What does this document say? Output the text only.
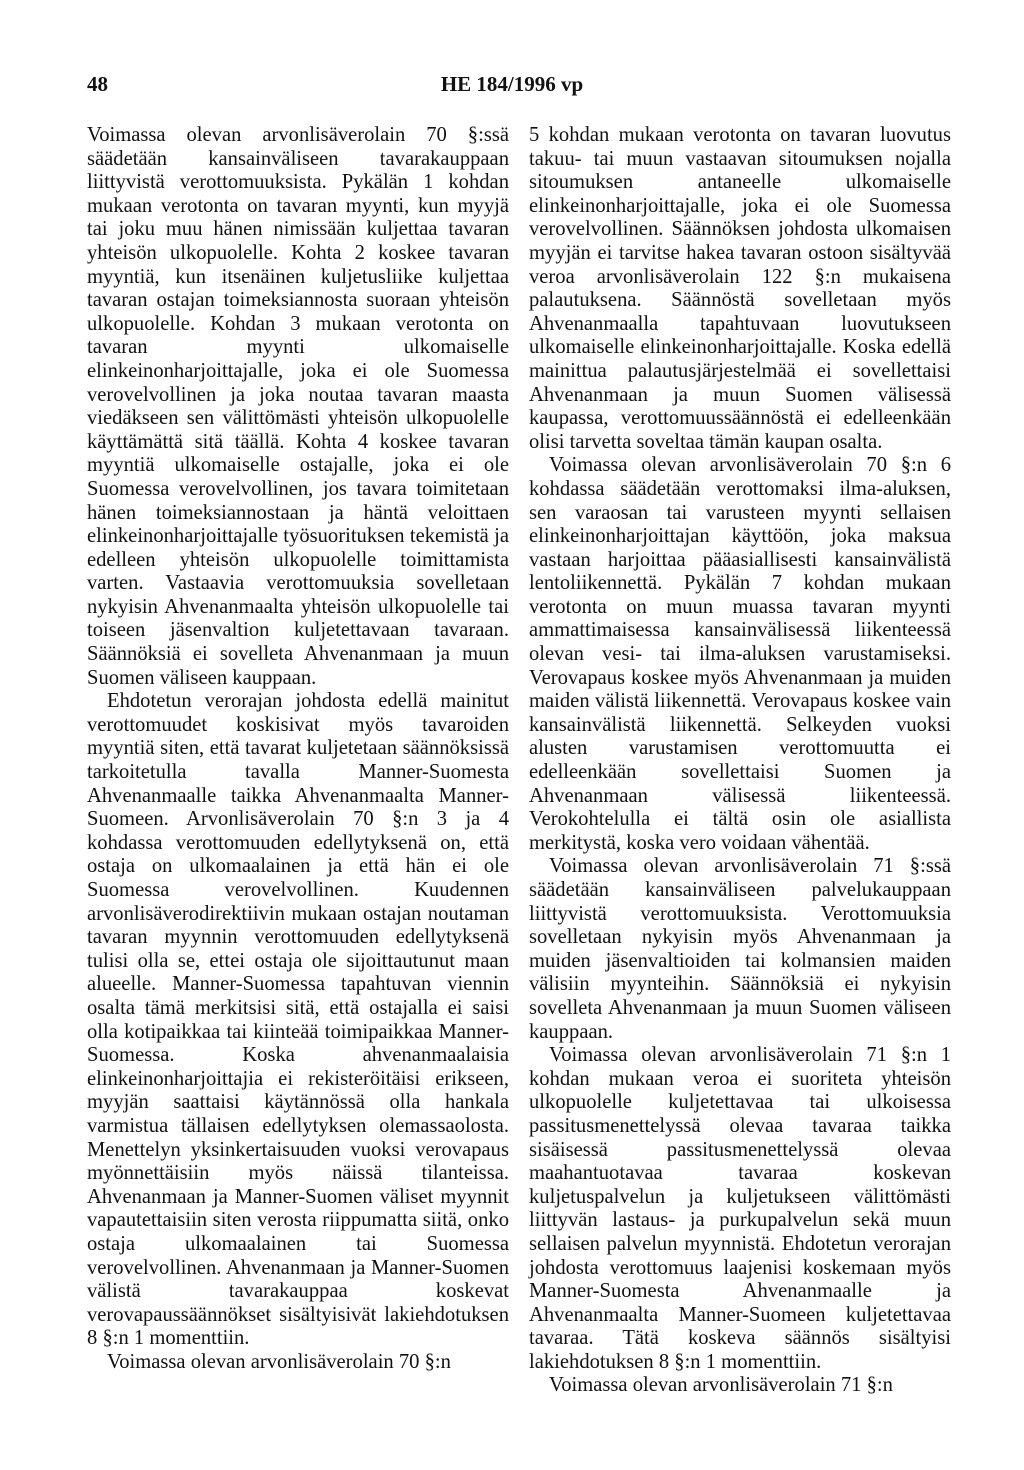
48	HE 184/1996 vp

Voimassa olevan arvonlisäverolain 70 §:ssä säädetään kansainväliseen tavarakauppaan liittyvistä verottomuuksista. Pykälän 1 kohdan mukaan verotonta on tavaran myynti, kun myyjä tai joku muu hänen nimissään kuljettaa tavaran yhteisön ulkopuolelle. Kohta 2 koskee tavaran myyntiä, kun itsenäinen kuljetusliike kuljettaa tavaran ostajan toimeksiannosta suoraan yhteisön ulkopuolelle. Kohdan 3 mukaan verotonta on tavaran myynti ulkomaiselle elinkeinonharjoittajalle, joka ei ole Suomessa verovelvollinen ja joka noutaa tavaran maasta viedäkseen sen välittömästi yhteisön ulkopuolelle käyttämättä sitä täällä. Kohta 4 koskee tavaran myyntiä ulkomaiselle ostajalle, joka ei ole Suomessa verovelvollinen, jos tavara toimitetaan hänen toimeksiannostaan ja häntä veloittaen elinkeinonharjoittajalle työsuorituksen tekemistä ja edelleen yhteisön ulkopuolelle toimittamista varten. Vastaavia verottomuuksia sovelletaan nykyisin Ahvenanmaalta yhteisön ulkopuolelle tai toiseen jäsenvaltion kuljetettavaan tavaraan. Säännöksiä ei sovelleta Ahvenanmaan ja muun Suomen väliseen kauppaan.

Ehdotetun verorajan johdosta edellä mainitut verottomuudet koskisivat myös tavaroiden myyntiä siten, että tavarat kuljetetaan säännöksissä tarkoitetulla tavalla Manner-Suomesta Ahvenanmaalle taikka Ahvenanmaalta Manner-Suomeen. Arvonlisäverolain 70 §:n 3 ja 4 kohdassa verottomuuden edellytyksenä on, että ostaja on ulkomaalainen ja että hän ei ole Suomessa verovelvollinen. Kuudennen arvonlisäverodirektiivin mukaan ostajan noutaman tavaran myynnin verottomuuden edellytyksenä tulisi olla se, ettei ostaja ole sijoittautunut maan alueelle. Manner-Suomessa tapahtuvan viennin osalta tämä merkitsisi sitä, että ostajalla ei saisi olla kotipaikkaa tai kiinteää toimipaikkaa Manner-Suomessa. Koska ahvenanmaalaisia elinkeinonharjoittajia ei rekisteröitäisi erikseen, myyjän saattaisi käytännössä olla hankala varmistua tällaisen edellytyksen olemassaolosta. Menettelyn yksinkertaisuuden vuoksi verovapaus myönnettäisiin myös näissä tilanteissa. Ahvenanmaan ja Manner-Suomen väliset myynnit vapautettaisiin siten verosta riippumatta siitä, onko ostaja ulkomaalainen tai Suomessa verovelvollinen. Ahvenanmaan ja Manner-Suomen välistä tavarakauppaa koskevat verovapaussäännökset sisältyisivät lakiehdotuksen 8 §:n 1 momenttiin.

Voimassa olevan arvonlisäverolain 70 §:n

5 kohdan mukaan verotonta on tavaran luovutus takuu- tai muun vastaavan sitoumuksen nojalla sitoumuksen antaneelle ulkomaiselle elinkeinonharjoittajalle, joka ei ole Suomessa verovelvollinen. Säännöksen johdosta ulkomaisen myyjän ei tarvitse hakea tavaran ostoon sisältyvää veroa arvonlisäverolain 122 §:n mukaisena palautuksena. Säännöstä sovelletaan myös Ahvenanmaalla tapahtuvaan luovutukseen ulkomaiselle elinkeinonharjoittajalle. Koska edellä mainittua palautusjärjestelmää ei sovellettaisi Ahvenanmaan ja muun Suomen välisessä kaupassa, verottomuussäännöstä ei edelleenkään olisi tarvetta soveltaa tämän kaupan osalta.

Voimassa olevan arvonlisäverolain 70 §:n 6 kohdassa säädetään verottomaksi ilma-aluksen, sen varaosan tai varusteen myynti sellaisen elinkeinonharjoittajan käyttöön, joka maksua vastaan harjoittaa pääasiallisesti kansainvälistä lentoliikennettä. Pykälän 7 kohdan mukaan verotonta on muun muassa tavaran myynti ammattimaisessa kansainvälisessä liikenteessä olevan vesi- tai ilma-aluksen varustamiseksi. Verovapaus koskee myös Ahvenanmaan ja muiden maiden välistä liikennettä. Verovapaus koskee vain kansainvälistä liikennettä. Selkeyden vuoksi alusten varustamisen verottomuutta ei edelleenkään sovellettaisi Suomen ja Ahvenanmaan välisessä liikenteessä. Verokohtelulla ei tältä osin ole asiallista merkitystä, koska vero voidaan vähentää.

Voimassa olevan arvonlisäverolain 71 §:ssä säädetään kansainväliseen palvelukauppaan liittyvistä verottomuuksista. Verottomuuksia sovelletaan nykyisin myös Ahvenanmaan ja muiden jäsenvaltioiden tai kolmansien maiden välisiin myynteihin. Säännöksiä ei nykyisin sovelleta Ahvenanmaan ja muun Suomen väliseen kauppaan.

Voimassa olevan arvonlisäverolain 71 §:n 1 kohdan mukaan veroa ei suoriteta yhteisön ulkopuolelle kuljetettavaa tai ulkoisessa passitusmenettelyssä olevaa tavaraa taikka sisäisessä passitusmenettelyssä olevaa maahantuotavaa tavaraa koskevan kuljetuspalvelun ja kuljetukseen välittömästi liittyvän lastaus- ja purkupalvelun sekä muun sellaisen palvelun myynnistä. Ehdotetun verorajan johdosta verottomuus laajenisi koskemaan myös Manner-Suomesta Ahvenanmaalle ja Ahvenanmaalta Manner-Suomeen kuljetettavaa tavaraa. Tätä koskeva säännös sisältyisi lakiehdotuksen 8 §:n 1 momenttiin.

Voimassa olevan arvonlisäverolain 71 §:n
